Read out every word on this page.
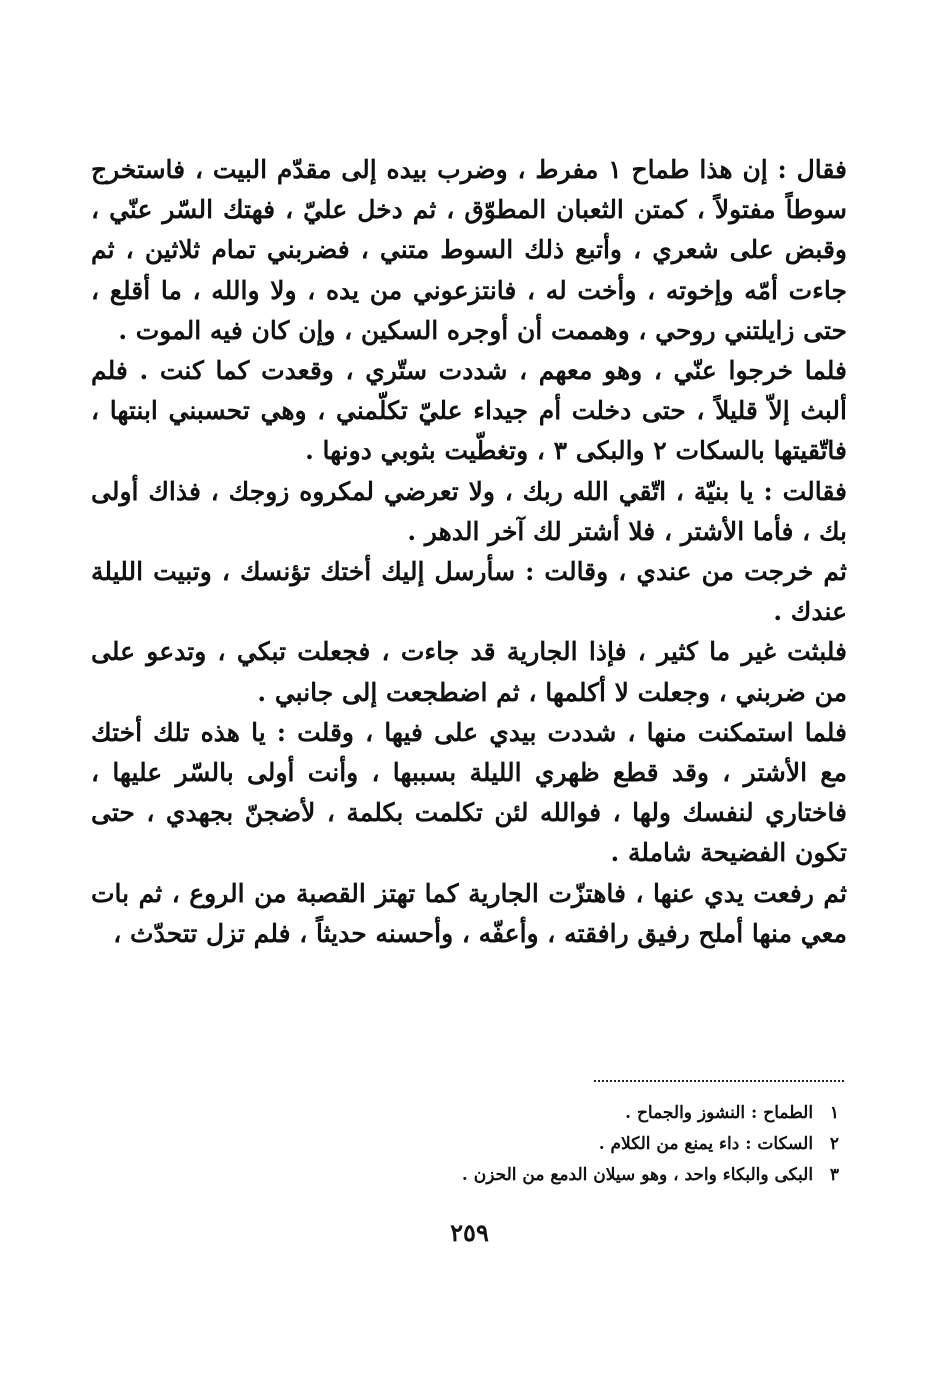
فقال : إن هذا طماح ١ مفرط ، وضرب بيده إلى مقدّم البيت ، فاستخرج سوطاً مفتولاً ، كمتن الثعبان المطوّق ، ثم دخل عليّ ، فهتك السّر عنّي ، وقبض على شعري ، وأتبع ذلك السوط متني ، فضربني تمام ثلاثين ، ثم جاءت أمّه وإخوته ، وأخت له ، فانتزعوني من يده ، ولا والله ، ما أقلع ، حتى زايلتني روحي ، وهممت أن أوجره السكين ، وإن كان فيه الموت .

فلما خرجوا عنّي ، وهو معهم ، شددت ستّري ، وقعدت كما كنت . فلم ألبث إلاّ قليلاً ، حتى دخلت أم جيداء عليّ تكلّمني ، وهي تحسبني ابنتها ، فاتّقيتها بالسكات ٢ والبكى ٣ ، وتغطّيت بثوبي دونها .

فقالت : يا بنيّة ، اتّقي الله ربك ، ولا تعرضي لمكروه زوجك ، فذاك أولى بك ، فأما الأشتر ، فلا أشتر لك آخر الدهر .

ثم خرجت من عندي ، وقالت : سأرسل إليك أختك تؤنسك ، وتبيت الليلة عندك .

فلبثت غير ما كثير ، فإذا الجارية قد جاءت ، فجعلت تبكي ، وتدعو على من ضربني ، وجعلت لا أكلمها ، ثم اضطجعت إلى جانبي .

فلما استمكنت منها ، شددت بيدي على فيها ، وقلت : يا هذه تلك أختك مع الأشتر ، وقد قطع ظهري الليلة بسببها ، وأنت أولى بالسّر عليها ، فاختاري لنفسك ولها ، فوالله لئن تكلمت بكلمة ، لأضجنّ بجهدي ، حتى تكون الفضيحة شاملة .

ثم رفعت يدي عنها ، فاهتزّت الجارية كما تهتز القصبة من الروع ، ثم بات معي منها أملح رفيق رافقته ، وأعفّه ، وأحسنه حديثاً ، فلم تزل تتحدّث ،

١ الطماح : النشوز والجماح .

٢ السكات : داء يمنع من الكلام .

٣ البكى والبكاء واحد ، وهو سيلان الدمع من الحزن .

٢٥٩
